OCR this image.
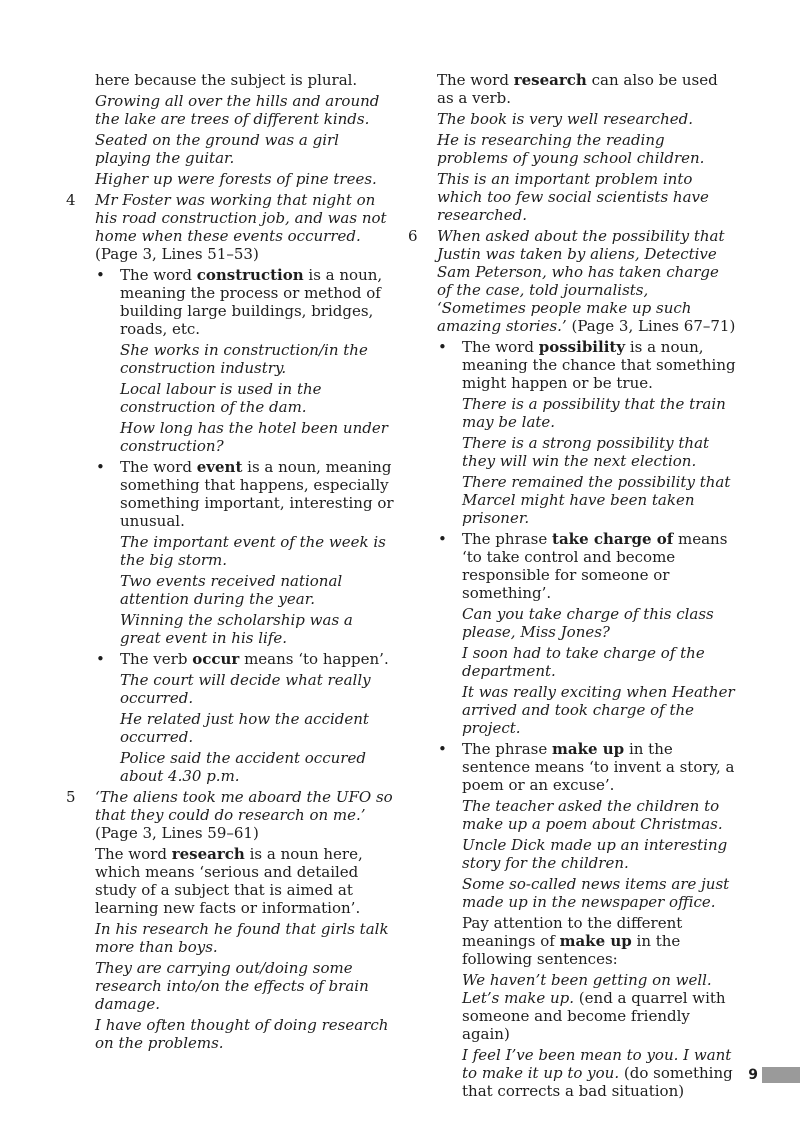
here because the subject is plural.

Growing all over the hills and around the lake are trees of different kinds.

Seated on the ground was a girl playing the guitar.

Higher up were forests of pine trees.

4 Mr Foster was working that night on his road construction job, and was not home when these events occurred. (Page 3, Lines 51–53)
• The word construction is a noun, meaning the process or method of building large buildings, bridges, roads, etc.

She works in construction/in the construction industry.

Local labour is used in the construction of the dam.

How long has the hotel been under construction?

• The word event is a noun, meaning something that happens, especially something important, interesting or unusual.

The important event of the week is the big storm.

Two events received national attention during the year.

Winning the scholarship was a great event in his life.

• The verb occur means ‘to happen’.

The court will decide what really occurred.

He related just how the accident occurred.

Police said the accident occured about 4.30 p.m.

5 ‘The aliens took me aboard the UFO so that they could do research on me.’ (Page 3, Lines 59–61)

The word research is a noun here, which means ‘serious and detailed study of a subject that is aimed at learning new facts or information’.

In his research he found that girls talk more than boys.

They are carrying out/doing some research into/on the effects of brain damage.

I have often thought of doing research on the problems.

The word research can also be used as a verb.

The book is very well researched.

He is researching the reading problems of young school children.

This is an important problem into which too few social scientists have researched.

6 When asked about the possibility that Justin was taken by aliens, Detective Sam Peterson, who has taken charge of the case, told journalists, ‘Sometimes people make up such amazing stories.’ (Page 3, Lines 67–71)
• The word possibility is a noun, meaning the chance that something might happen or be true.

There is a possibility that the train may be late.

There is a strong possibility that they will win the next election.

There remained the possibility that Marcel might have been taken prisoner.

• The phrase take charge of means ‘to take control and become responsible for someone or something’.

Can you take charge of this class please, Miss Jones?

I soon had to take charge of the department.

It was really exciting when Heather arrived and took charge of the project.

• The phrase make up in the sentence means ‘to invent a story, a poem or an excuse’.

The teacher asked the children to make up a poem about Christmas.

Uncle Dick made up an interesting story for the children.

Some so-called news items are just made up in the newspaper office.

Pay attention to the different meanings of make up in the following sentences:

We haven’t been getting on well. Let’s make up. (end a quarrel with someone and become friendly again)

I feel I’ve been mean to you. I want to make it up to you. (do something that corrects a bad situation)

9
